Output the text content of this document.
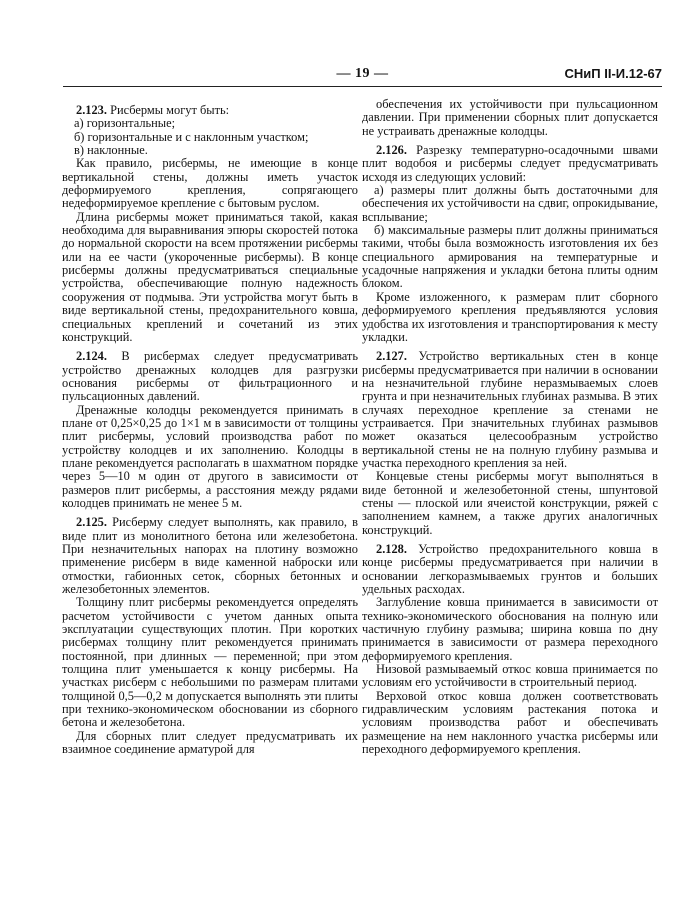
— 19 —	СНиП II-И.12-67

2.123. Рисбермы могут быть:

а) горизонтальные;

б) горизонтальные и с наклонным участком;

в) наклонные.

Как правило, рисбермы, не имеющие в конце вертикальной стены, должны иметь участок деформируемого крепления, сопрягающего недеформируемое крепление с бытовым руслом.

Длина рисбермы может приниматься такой, какая необходима для выравнивания эпюры скоростей потока до нормальной скорости на всем протяжении рисбермы или на ее части (укороченные рисбермы). В конце рисбермы должны предусматриваться специальные устройства, обеспечивающие полную надежность сооружения от подмыва. Эти устройства могут быть в виде вертикальной стены, предохранительного ковша, специальных креплений и сочетаний из этих конструкций.

2.124. В рисбермах следует предусматривать устройство дренажных колодцев для разгрузки основания рисбермы от фильтрационного и пульсационных давлений.

Дренажные колодцы рекомендуется принимать в плане от 0,25×0,25 до 1×1 м в зависимости от толщины плит рисбермы, условий производства работ по устройству колодцев и их заполнению. Колодцы в плане рекомендуется располагать в шахматном порядке через 5—10 м один от другого в зависимости от размеров плит рисбермы, а расстояния между рядами колодцев принимать не менее 5 м.

2.125. Рисберму следует выполнять, как правило, в виде плит из монолитного бетона или железобетона. При незначительных напорах на плотину возможно применение рисберм в виде каменной наброски или отмостки, габионных сеток, сборных бетонных и железобетонных элементов.

Толщину плит рисбермы рекомендуется определять расчетом устойчивости с учетом данных опыта эксплуатации существующих плотин. При коротких рисбермах толщину плит рекомендуется принимать постоянной, при длинных — переменной; при этом толщина плит уменьшается к концу рисбермы. На участках рисберм с небольшими по размерам плитами толщиной 0,5—0,2 м допускается выполнять эти плиты при технико-экономическом обосновании из сборного бетона и железобетона.

Для сборных плит следует предусматривать их взаимное соединение арматурой для

обеспечения их устойчивости при пульсационном давлении. При применении сборных плит допускается не устраивать дренажные колодцы.

2.126. Разрезку температурно-осадочными швами плит водобоя и рисбермы следует предусматривать исходя из следующих условий:

а) размеры плит должны быть достаточными для обеспечения их устойчивости на сдвиг, опрокидывание, всплывание;

б) максимальные размеры плит должны приниматься такими, чтобы была возможность изготовления их без специального армирования на температурные и усадочные напряжения и укладки бетона плиты одним блоком.

Кроме изложенного, к размерам плит сборного деформируемого крепления предъявляются условия удобства их изготовления и транспортирования к месту укладки.

2.127. Устройство вертикальных стен в конце рисбермы предусматривается при наличии в основании на незначительной глубине неразмываемых слоев грунта и при незначительных глубинах размыва. В этих случаях переходное крепление за стенами не устраивается. При значительных глубинах размывов может оказаться целесообразным устройство вертикальной стены не на полную глубину размыва и участка переходного крепления за ней.

Концевые стены рисбермы могут выполняться в виде бетонной и железобетонной стены, шпунтовой стены — плоской или ячеистой конструкции, ряжей с заполнением камнем, а также других аналогичных конструкций.

2.128. Устройство предохранительного ковша в конце рисбермы предусматривается при наличии в основании легкоразмываемых грунтов и больших удельных расходах.

Заглубление ковша принимается в зависимости от технико-экономического обоснования на полную или частичную глубину размыва; ширина ковша по дну принимается в зависимости от размера переходного деформируемого крепления.

Низовой размываемый откос ковша принимается по условиям его устойчивости в строительный период.

Верховой откос ковша должен соответствовать гидравлическим условиям растекания потока и условиям производства работ и обеспечивать размещение на нем наклонного участка рисбермы или переходного деформируемого крепления.
